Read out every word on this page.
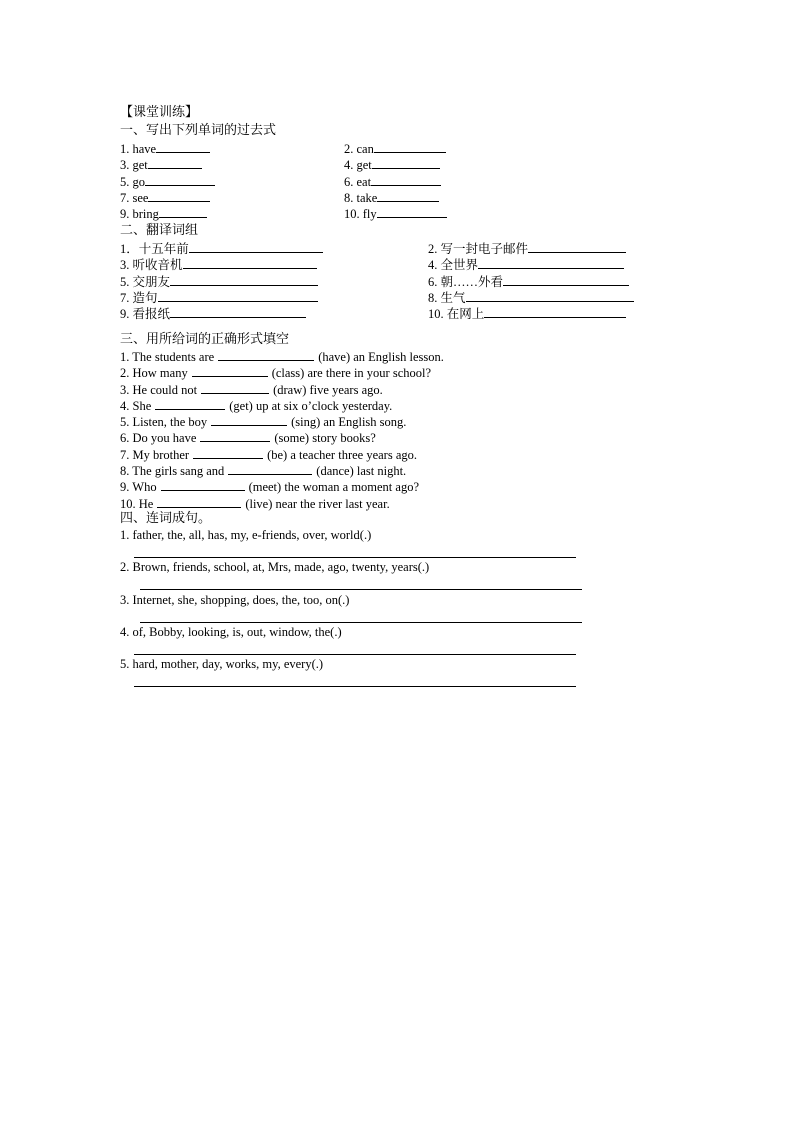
【课堂训练】
一、写出下列单词的过去式
1. have	2. can
3. get	4. get
5. go	6. eat
7. see	8. take
9. bring	10. fly
二、翻译词组
1．十五年前	2. 写一封电子邮件
3. 听收音机	4. 全世界
5. 交朋友	6. 朝……外看
7. 造句	8. 生气
9. 看报纸	10. 在网上
三、用所给词的正确形式填空
1. The students are	(have) an English lesson.
2. How many	(class) are there in your school?
3. He could not	(draw) five years ago.
4. She	(get) up at six o’clock yesterday.
5. Listen, the boy	(sing) an English song.
6. Do you have	(some) story books?
7. My brother	(be) a teacher three years ago.
8. The girls sang and	(dance) last night.
9. Who	(meet) the woman a moment ago?
10. He	(live) near the river last year.
四、连词成句。
1. father, the, all, has, my, e-friends, over, world(.)
2. Brown, friends, school, at, Mrs, made, ago, twenty, years(.)
3. Internet, she, shopping, does, the, too, on(.)
4. of, Bobby, looking, is, out, window, the(.)
5. hard, mother, day, works, my, every(.)
